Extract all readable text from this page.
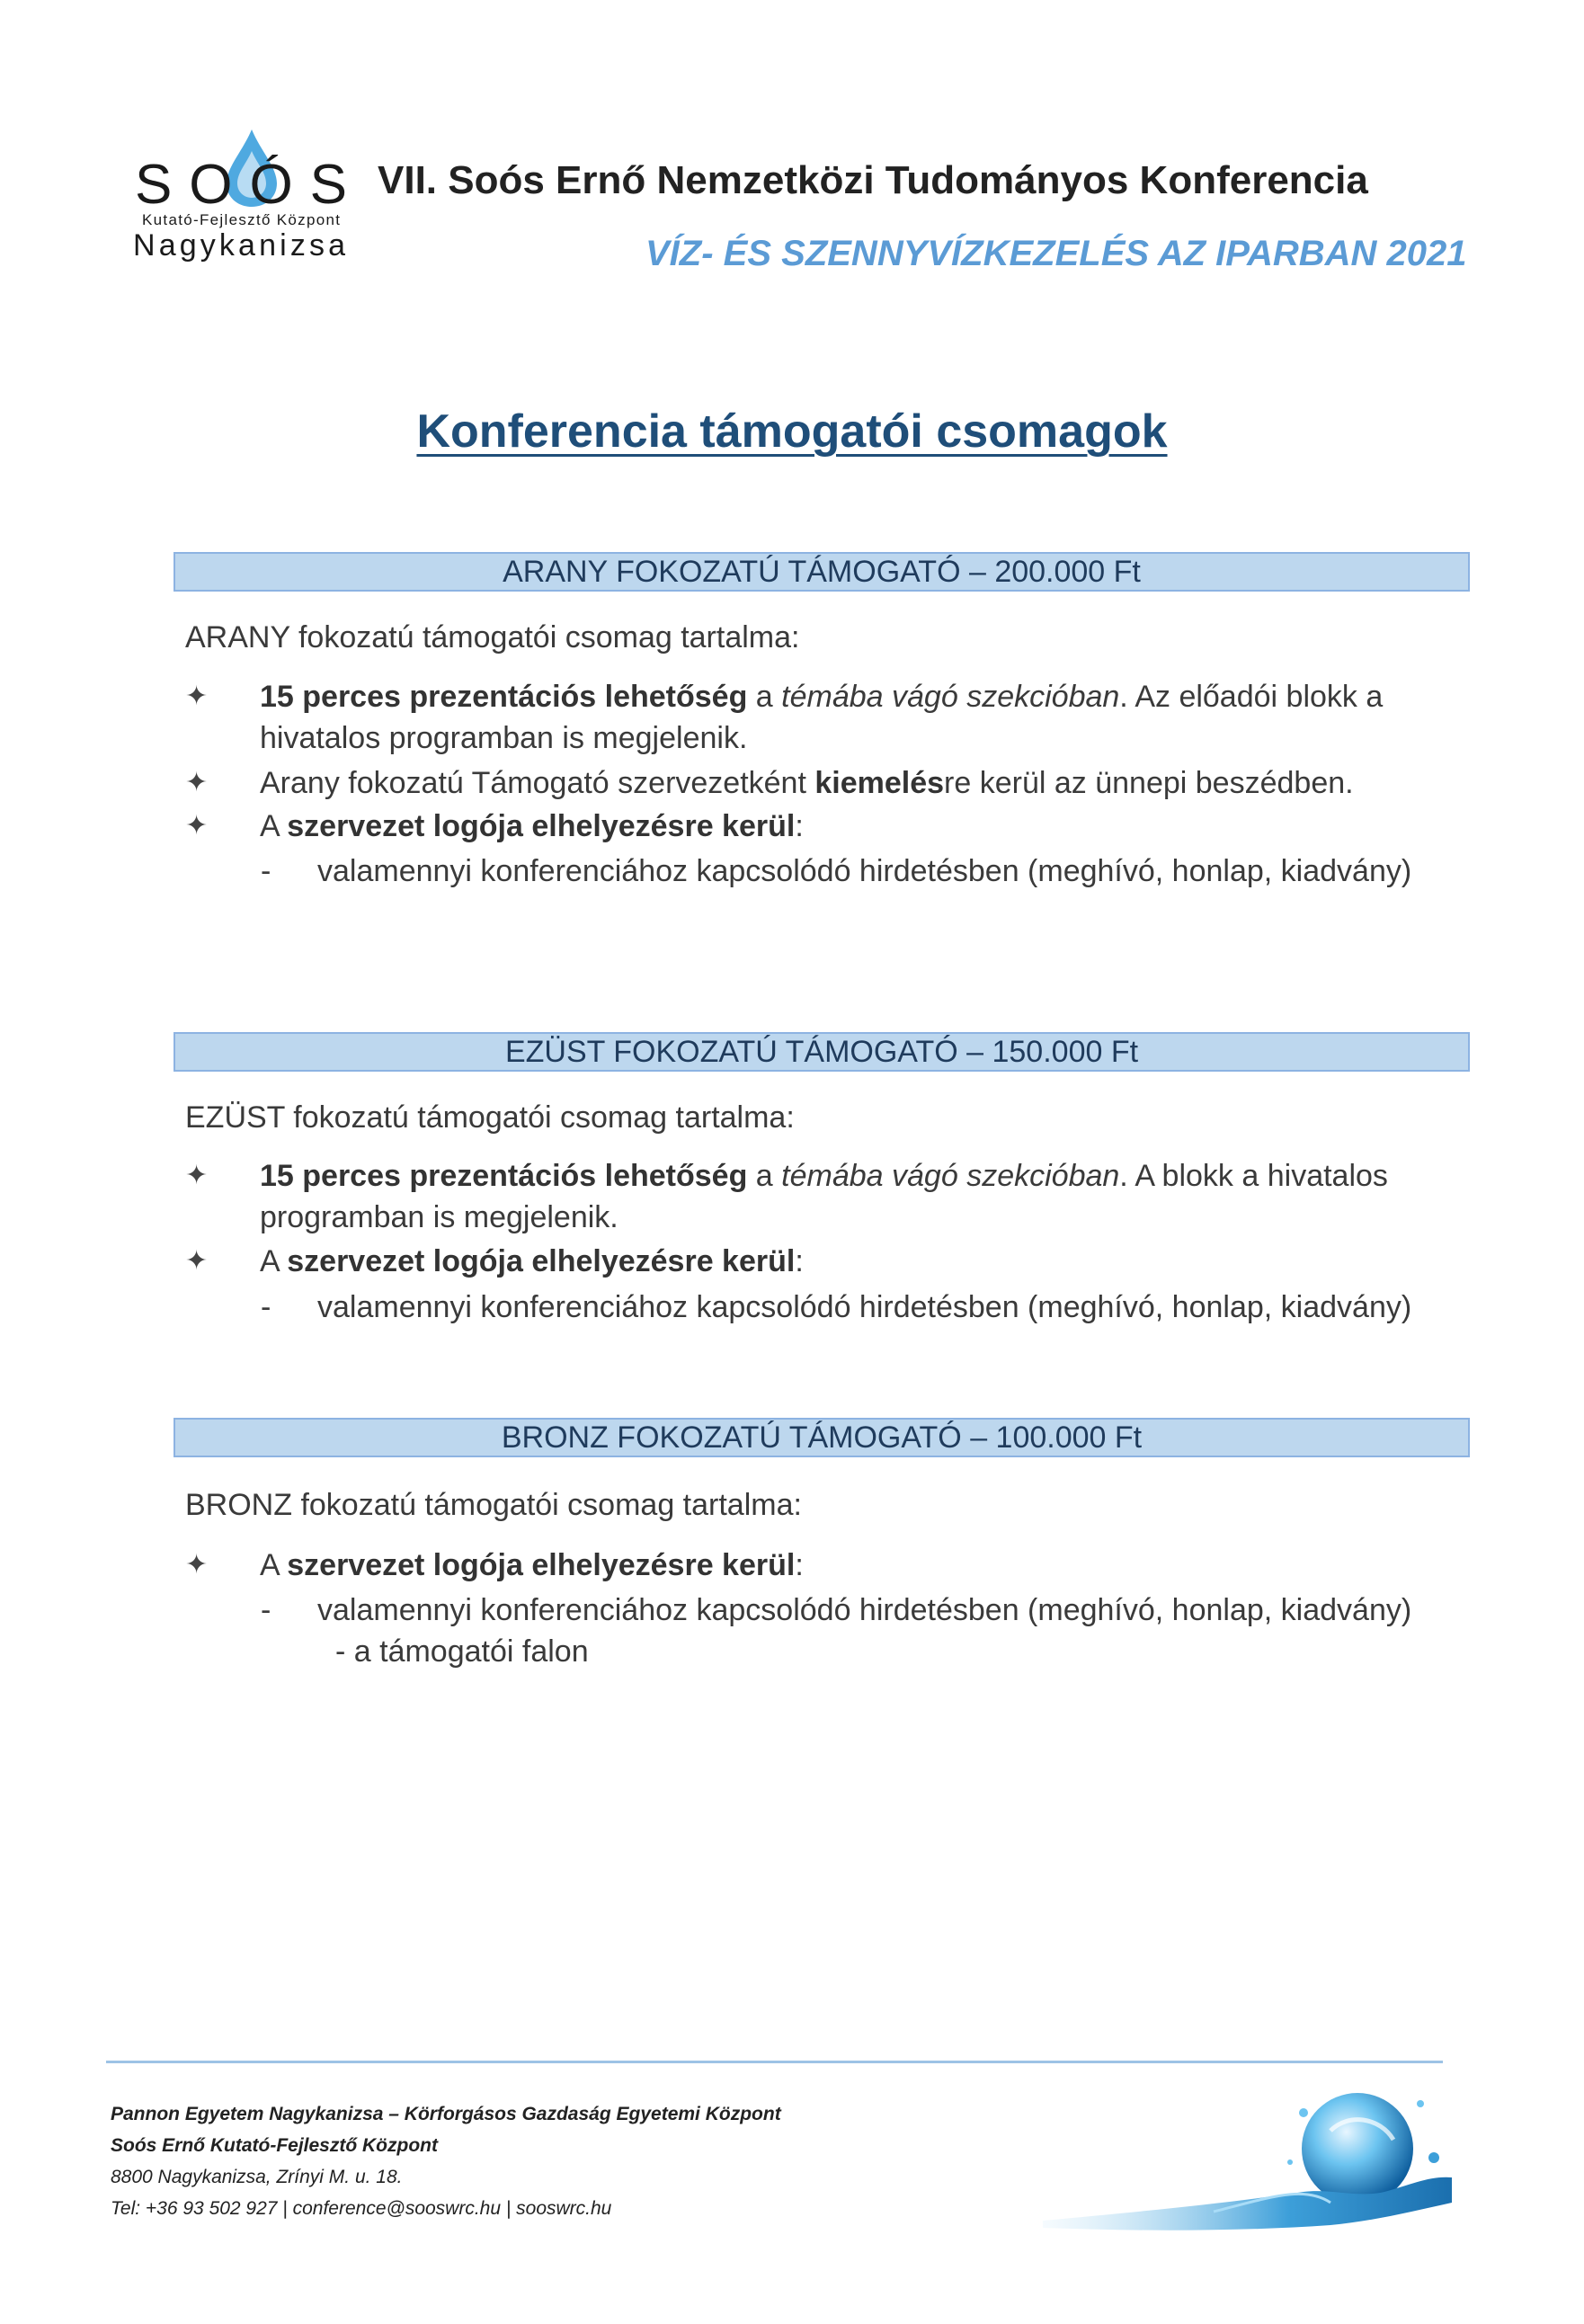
SOÓS
Kutató-Fejlesztő Központ
Nagykanizsa
VII. Soós Ernő Nemzetközi Tudományos Konferencia
VÍZ- ÉS SZENNYVÍZKEZELÉS AZ IPARBAN 2021
Konferencia támogatói csomagok
ARANY FOKOZATÚ TÁMOGATÓ – 200.000 Ft
ARANY fokozatú támogatói csomag tartalma:
✦ 15 perces prezentációs lehetőség a témába vágó szekcióban. Az előadói blokk a hivatalos programban is megjelenik.
✦ Arany fokozatú Támogató szervezetként kiemelésre kerül az ünnepi beszédben.
✦ A szervezet logója elhelyezésre kerül:
- valamennyi konferenciához kapcsolódó hirdetésben (meghívó, honlap, kiadvány)
EZÜST FOKOZATÚ TÁMOGATÓ – 150.000 Ft
EZÜST fokozatú támogatói csomag tartalma:
✦ 15 perces prezentációs lehetőség a témába vágó szekcióban. A blokk a hivatalos programban is megjelenik.
✦ A szervezet logója elhelyezésre kerül:
- valamennyi konferenciához kapcsolódó hirdetésben (meghívó, honlap, kiadvány)
BRONZ FOKOZATÚ TÁMOGATÓ – 100.000 Ft
BRONZ fokozatú támogatói csomag tartalma:
✦ A szervezet logója elhelyezésre kerül:
- valamennyi konferenciához kapcsolódó hirdetésben (meghívó, honlap, kiadvány)
- a támogatói falon
Pannon Egyetem Nagykanizsa – Körforgásos Gazdaság Egyetemi Központ
Soós Ernő Kutató-Fejlesztő Központ
8800 Nagykanizsa, Zrínyi M. u. 18.
Tel: +36 93 502 927 | conference@sooswrc.hu | sooswrc.hu
